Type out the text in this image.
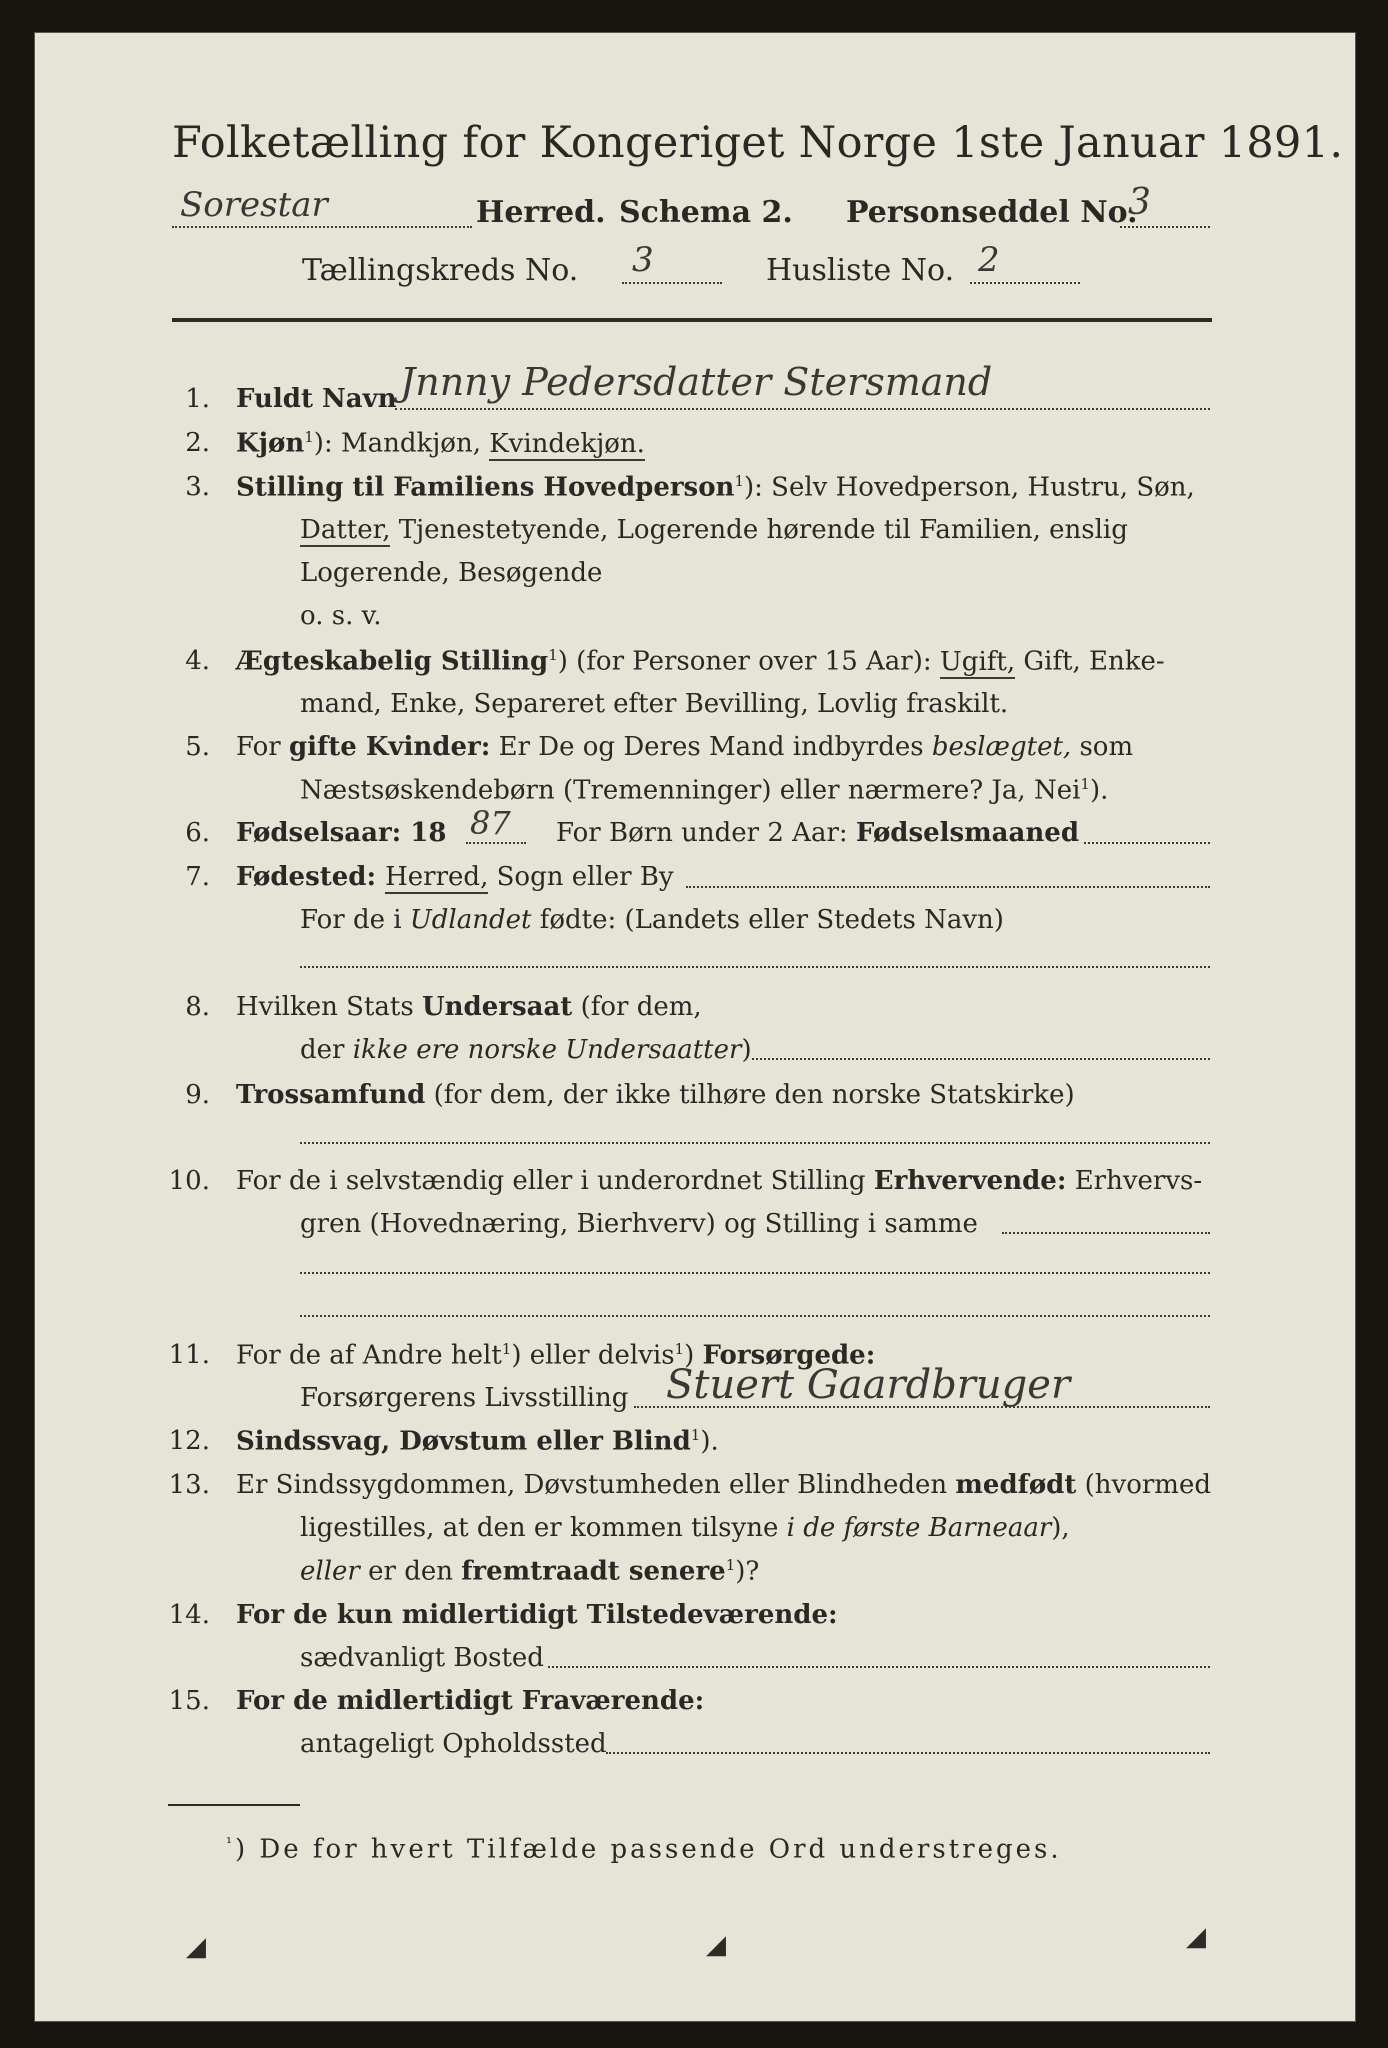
Folketælling for Kongeriget Norge 1ste Januar 1891.
Sorestar	Herred. Schema 2. Personseddel No.
3
Tællingskreds No. 3	Husliste No. 2
1. Fuldt Navn Jnnny Pedersdatter Stersmand
2. Kjøn$^1$): Mandkjøn, Kvindekjøn.
3. Stilling til Familiens Hovedperson$^1$): Selv Hovedperson, Hustru, Søn,
Datter, Tjenestetyende, Logerende hørende til Familien, enslig
Logerende, Besøgende
o. s. v.
4. Ægteskabelig Stilling$^1$) (for Personer over 15 Aar): Ugift, Gift, Enke-
mand, Enke, Separeret efter Bevilling, Lovlig fraskilt.
5. For gifte Kvinder: Er De og Deres Mand indbyrdes beslægtet, som
Næstsøskendebørn (Tremenninger) eller nærmere? Ja, Nei$^1$).
6. Fødselsaar: 18 87 For Børn under 2 Aar: Fødselsmaaned
7. Fødested: Herred, Sogn eller By
For de i Udlandet fødte: (Landets eller Stedets Navn)
8. Hvilken Stats Undersaat (for dem,
der ikke ere norske Undersaatter)
9. Trossamfund (for dem, der ikke tilhøre den norske Statskirke)
10. For de i selvstændig eller i underordnet Stilling Erhvervende: Erhvervs-
gren (Hovednæring, Bierhverv) og Stilling i samme
11. For de af Andre helt$^1$) eller delvis$^1$) Forsørgede:
Forsørgerens Livsstilling Stuert Gaardbruger
12. Sindssvag, Døvstum eller Blind$^1$).
13. Er Sindssygdommen, Døvstumheden eller Blindheden medfødt (hvormed
ligestilles, at den er kommen tilsyne i de første Barneaar),
eller er den fremtraadt senere$^1$)?
14. For de kun midlertidigt Tilstedeværende:
sædvanligt Bosted
15. For de midlertidigt Fraværende:
antageligt Opholdssted
$^{^1}$) De for hvert Tilfælde passende Ord understreges.
◢	◢	◢
